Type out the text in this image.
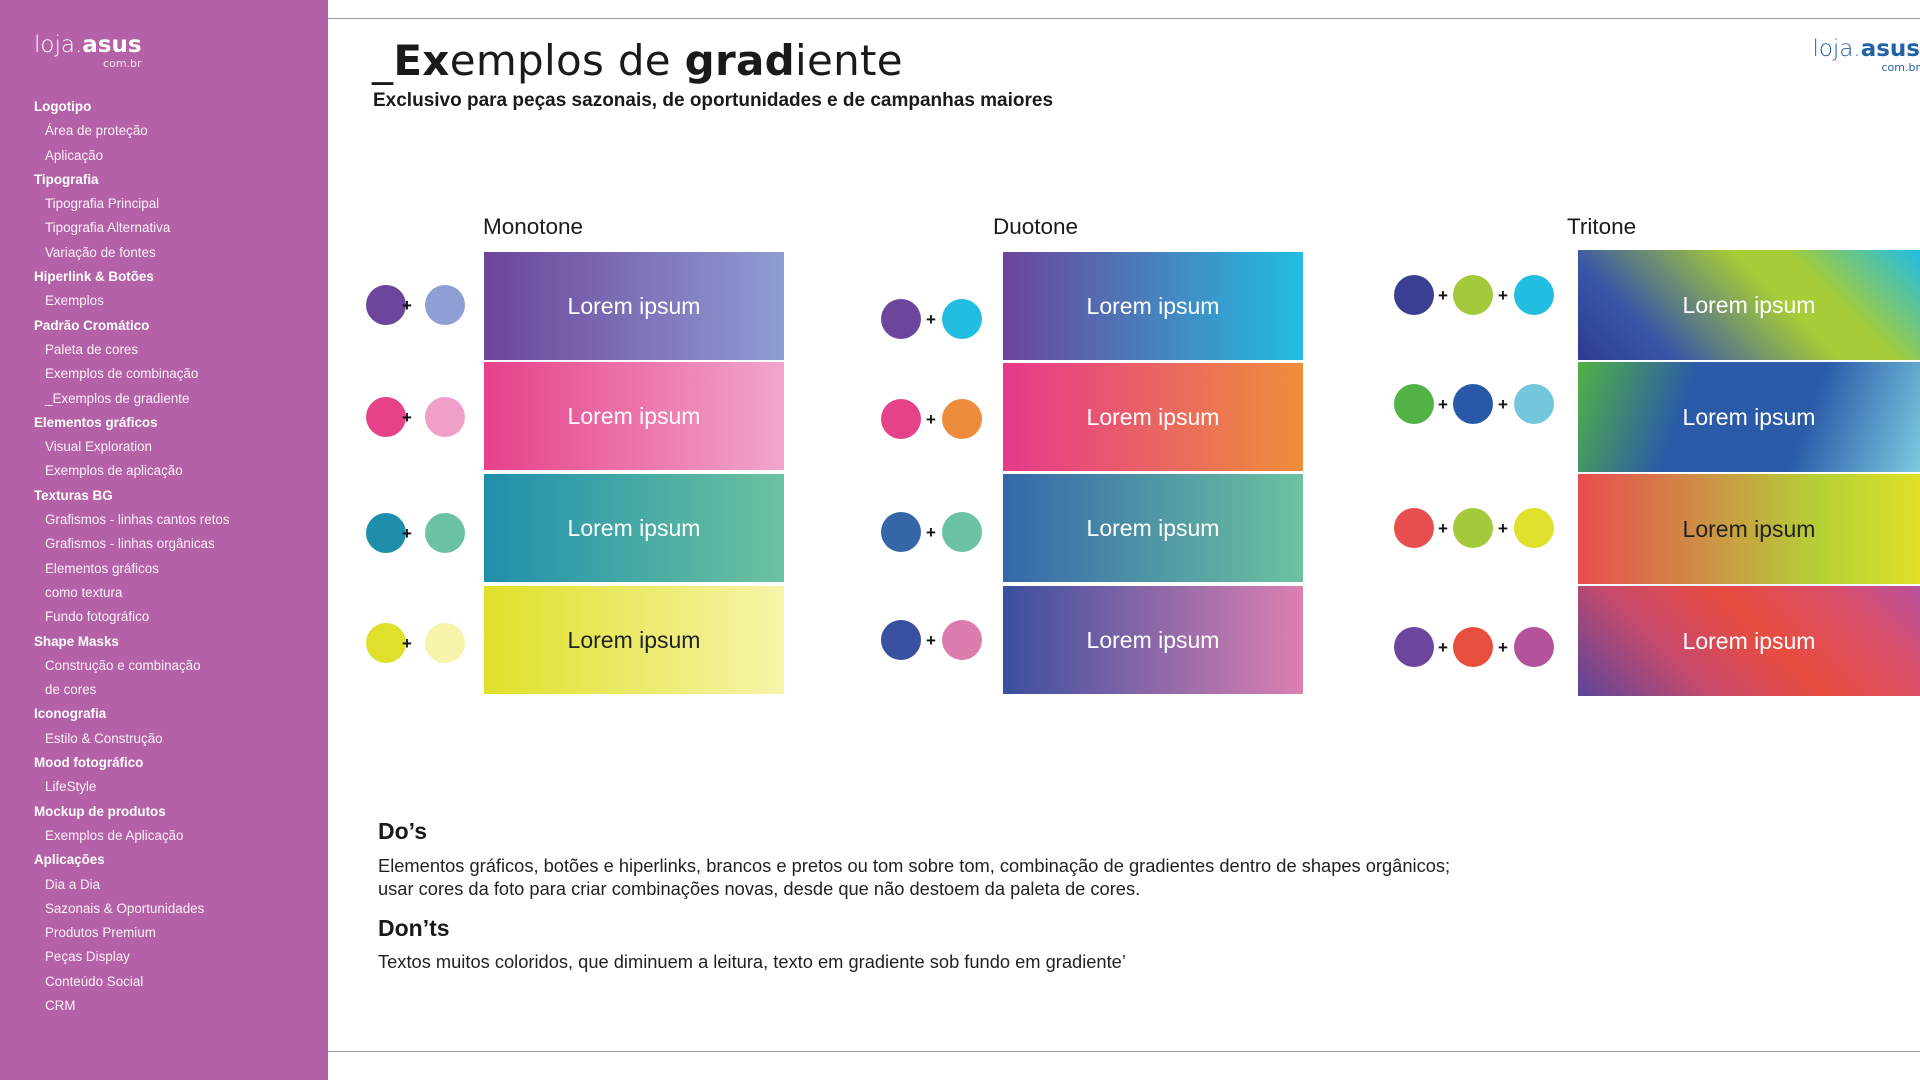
loja.asus
com.br
Logotipo
Área de proteção
Aplicação
Tipografia
Tipografia Principal
Tipografia Alternativa
Variação de fontes
Hiperlink & Botões
Exemplos
Padrão Cromático
Paleta de cores
Exemplos de combinação
_Exemplos de gradiente
Elementos gráficos
Visual Exploration
Exemplos de aplicação
Texturas BG
Grafismos - linhas cantos retos
Grafismos - linhas orgânicas
Elementos gráficos
como textura
Fundo fotográfico
Shape Masks
Construção e combinação
de cores
Iconografia
Estilo & Construção
Mood fotográfico
LifeStyle
Mockup de produtos
Exemplos de Aplicação
Aplicações
Dia a Dia
Sazonais & Oportunidades
Produtos Premium
Peças Display
Conteúdo Social
CRM
loja.asus
com.br
_Exemplos de gradiente
Exclusivo para peças sazonais, de oportunidades e de campanhas maiores
Monotone
Lorem ipsum
+
Lorem ipsum
+
Lorem ipsum
+
Lorem ipsum
+
Duotone
Lorem ipsum
+
Lorem ipsum
+
Lorem ipsum
+
Lorem ipsum
+
Tritone
Lorem ipsum
+	+
Lorem ipsum
+	+
Lorem ipsum
+	+
Lorem ipsum
+	+
Do’s
Elementos gráficos, botões e hiperlinks, brancos e pretos ou tom sobre tom, combinação de gradientes dentro de shapes orgânicos; usar cores da foto para criar combinações novas, desde que não destoem da paleta de cores.
Don’ts
Textos muitos coloridos, que diminuem a leitura, texto em gradiente sob fundo em gradiente’
